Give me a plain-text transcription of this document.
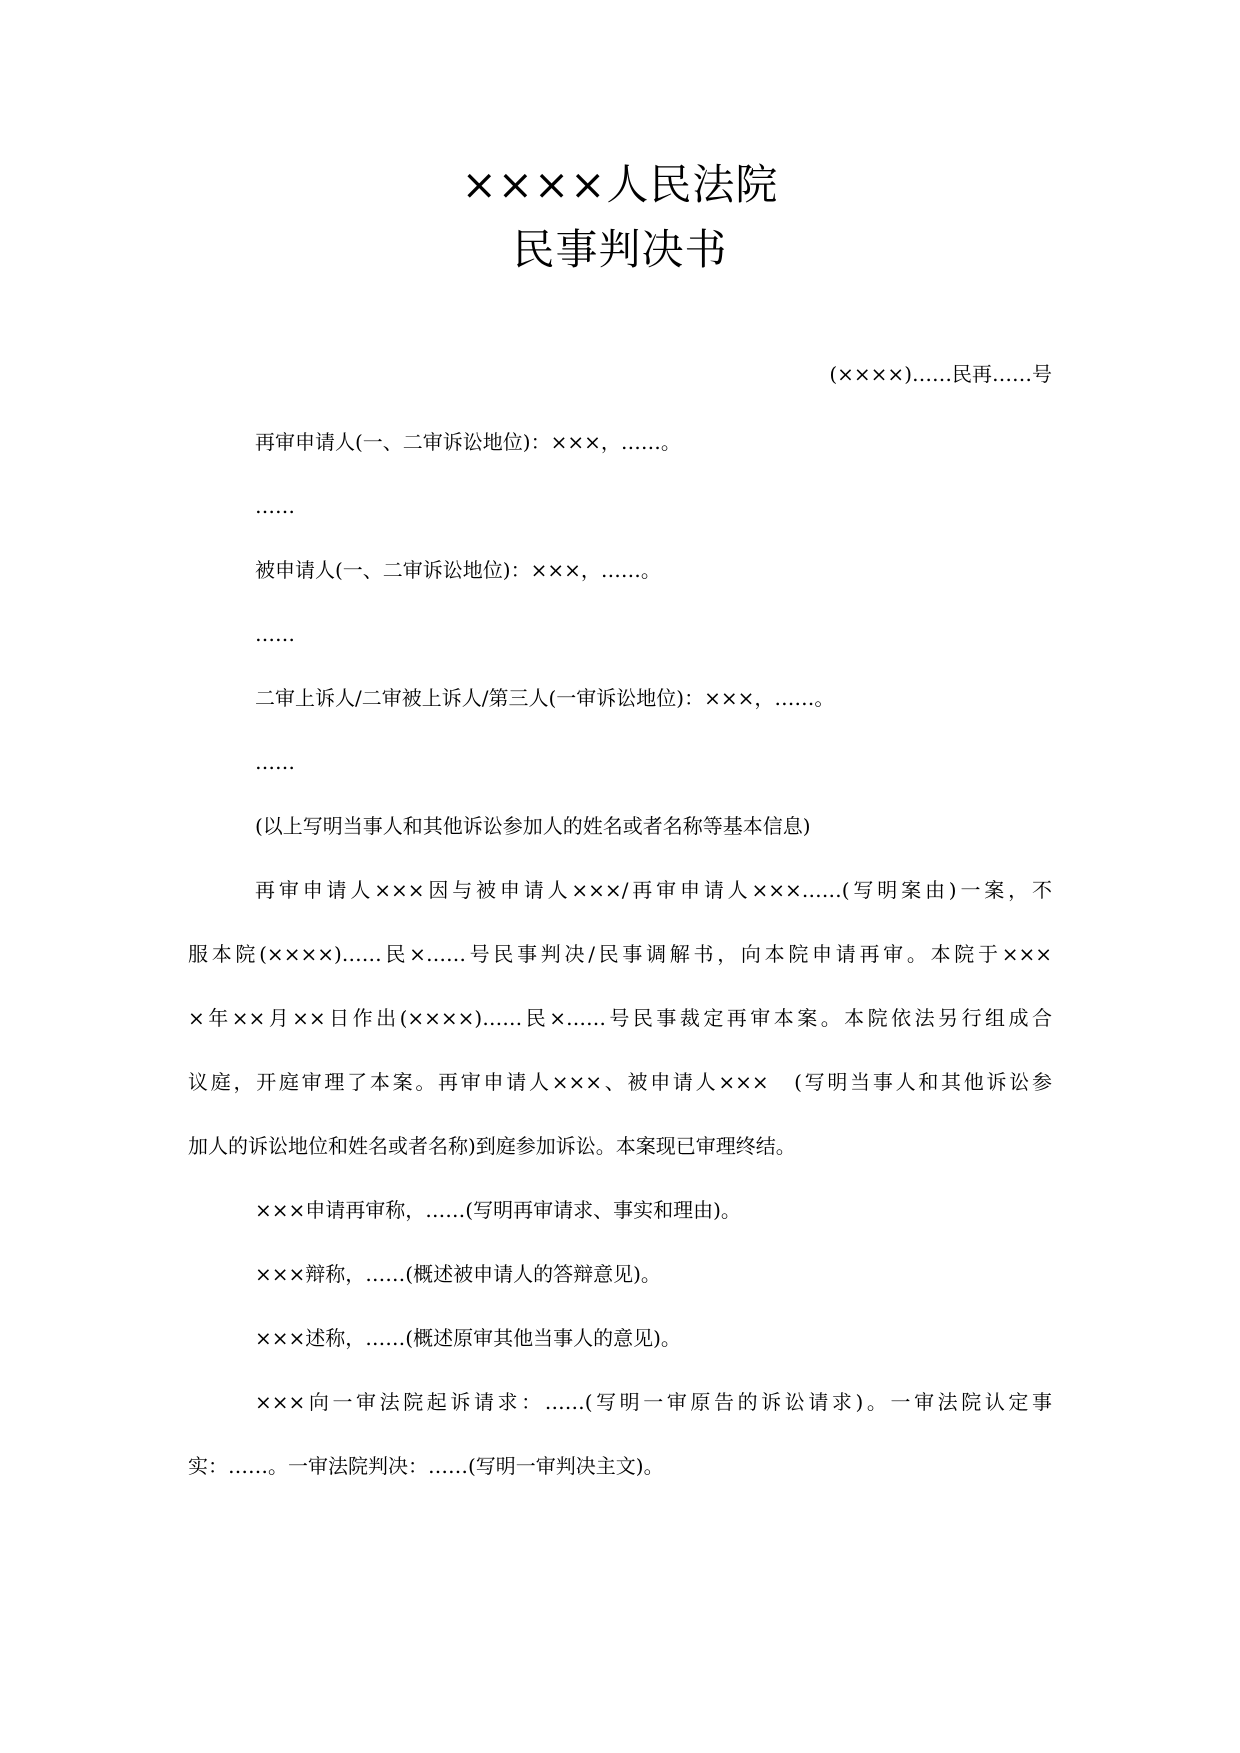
××××人民法院
民事判决书
(××××)……民再……号
再审申请人(一、二审诉讼地位)：×××，……。
……
被申请人(一、二审诉讼地位)：×××，……。
……
二审上诉人/二审被上诉人/第三人(一审诉讼地位)：×××，……。
……
(以上写明当事人和其他诉讼参加人的姓名或者名称等基本信息)
再审申请人×××因与被申请人×××/再审申请人×××……(写明案由)一案，不
服本院(××××)……民×……号民事判决/民事调解书，向本院申请再审。本院于×××
×年××月××日作出(××××)……民×……号民事裁定再审本案。本院依法另行组成合
议庭，开庭审理了本案。再审申请人×××、被申请人×××　(写明当事人和其他诉讼参
加人的诉讼地位和姓名或者名称)到庭参加诉讼。本案现已审理终结。
×××申请再审称，……(写明再审请求、事实和理由)。
×××辩称，……(概述被申请人的答辩意见)。
×××述称，……(概述原审其他当事人的意见)。
×××向一审法院起诉请求：……(写明一审原告的诉讼请求)。一审法院认定事
实：……。一审法院判决：……(写明一审判决主文)。
